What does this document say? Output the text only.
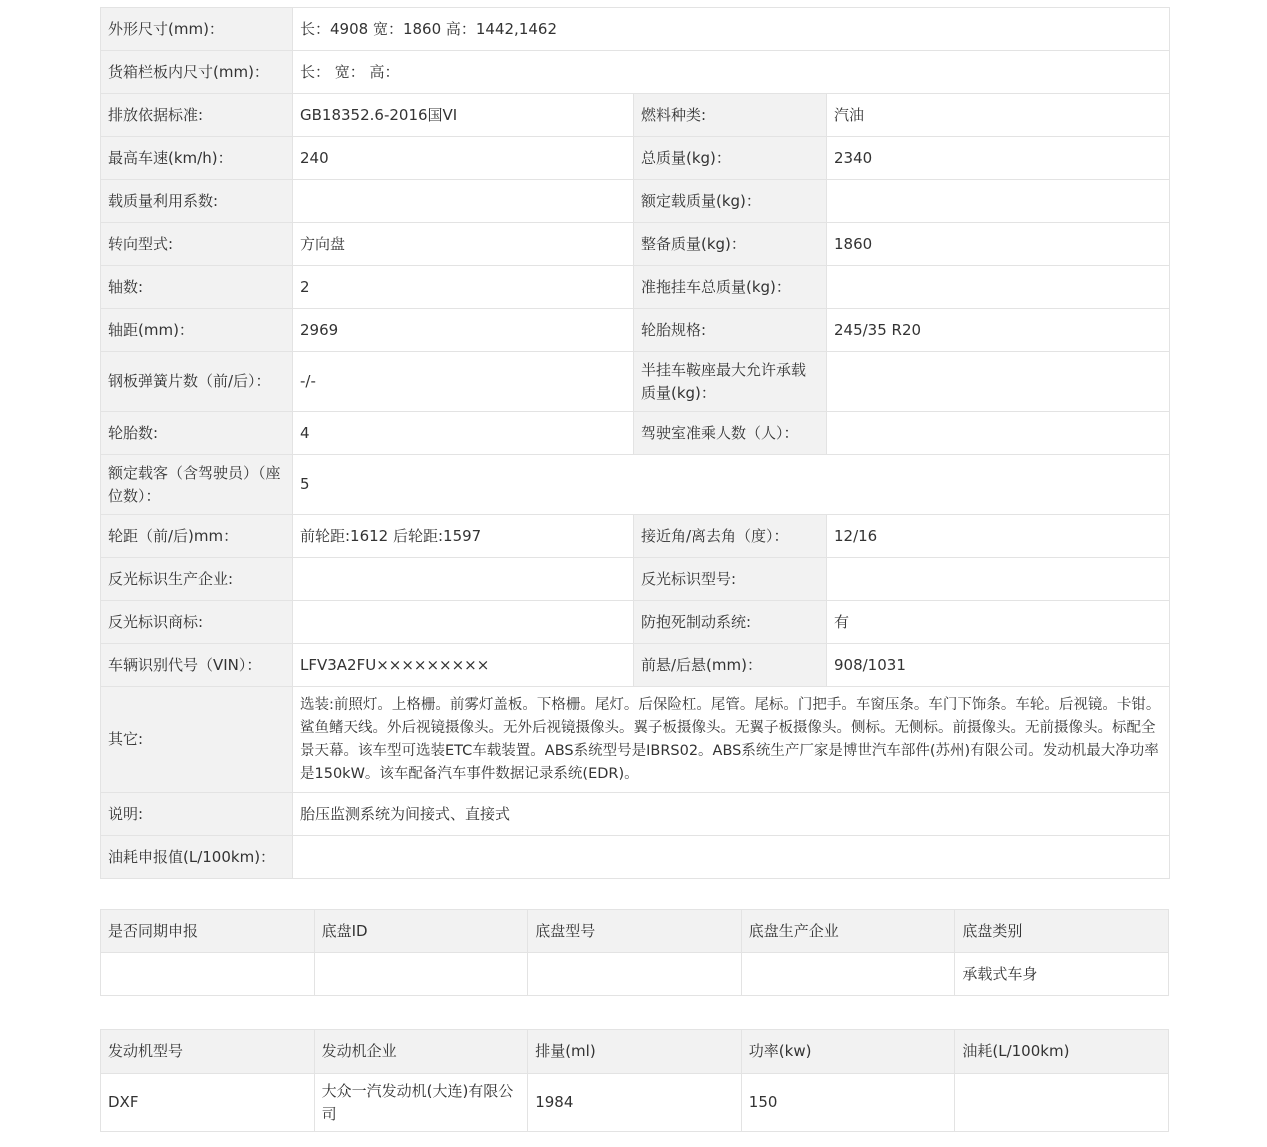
外形尺寸(mm)：	长：4908 宽：1860 高：1442,1462		
货箱栏板内尺寸(mm)：	长： 宽： 高：		
排放依据标准:	GB18352.6-2016国VI	燃料种类:	汽油
最高车速(km/h)：	240	总质量(kg)：	2340
载质量利用系数:		额定载质量(kg)：	
转向型式:	方向盘	整备质量(kg)：	1860
轴数:	2	准拖挂车总质量(kg)：	
轴距(mm)：	2969	轮胎规格:	245/35 R20
钢板弹簧片数（前/后）：	-/-	半挂车鞍座最大允许承载质量(kg)：	
轮胎数:	4	驾驶室准乘人数（人）：	
额定载客（含驾驶员）（座位数）：	5		
轮距（前/后)mm：	前轮距:1612 后轮距:1597	接近角/离去角（度）：	12/16
反光标识生产企业:		反光标识型号:	
反光标识商标:		防抱死制动系统:	有
车辆识别代号（VIN）：	LFV3A2FU×××××××××	前悬/后悬(mm)：	908/1031
其它:	选装:前照灯。上格栅。前雾灯盖板。下格栅。尾灯。后保险杠。尾管。尾标。门把手。车窗压条。车门下饰条。车轮。后视镜。卡钳。鲨鱼鳍天线。外后视镜摄像头。无外后视镜摄像头。翼子板摄像头。无翼子板摄像头。侧标。无侧标。前摄像头。无前摄像头。标配全景天幕。该车型可选装ETC车载装置。ABS系统型号是IBRS02。ABS系统生产厂家是博世汽车部件(苏州)有限公司。发动机最大净功率是150kW。该车配备汽车事件数据记录系统(EDR)。		
说明:	胎压监测系统为间接式、直接式		
油耗申报值(L/100km)：			
是否同期申报	底盘ID	底盘型号	底盘生产企业	底盘类别
				承载式车身
发动机型号	发动机企业	排量(ml)	功率(kw)	油耗(L/100km)
DXF	大众一汽发动机(大连)有限公司	1984	150	
